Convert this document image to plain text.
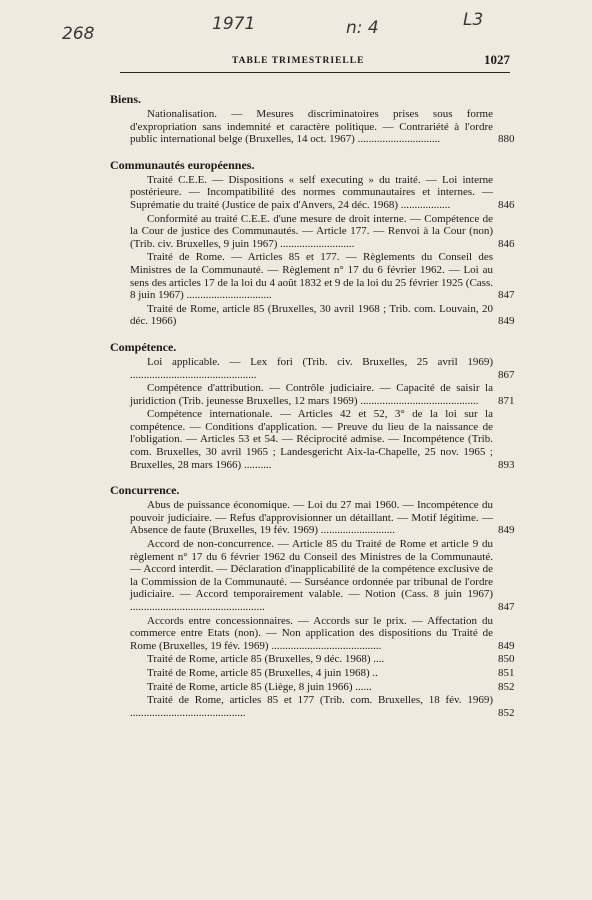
268	1971	n: 4	L3
TABLE TRIMESTRIELLE	1027
Biens.
Nationalisation. — Mesures discriminatoires prises sous forme d'expropriation sans indemnité et caractère politique. — Contrariété à l'ordre public international belge (Bruxelles, 14 oct. 1967) ..............................	880
Communautés européennes.
Traité C.E.E. — Dispositions « self executing » du traité. — Loi interne postérieure. — Incompatibilité des normes communautaires et internes. — Suprématie du traité (Justice de paix d'Anvers, 24 déc. 1968) ..................	846
Conformité au traité C.E.E. d'une mesure de droit interne. — Compétence de la Cour de justice des Communautés. — Article 177. — Renvoi à la Cour (non) (Trib. civ. Bruxelles, 9 juin 1967) ...........................	846
Traité de Rome. — Articles 85 et 177. — Règlements du Conseil des Ministres de la Communauté. — Règlement n° 17 du 6 février 1962. — Loi au sens des articles 17 de la loi du 4 août 1832 et 9 de la loi du 25 février 1925 (Cass. 8 juin 1967) ...............................	847
Traité de Rome, article 85 (Bruxelles, 30 avril 1968 ; Trib. com. Louvain, 20 déc. 1966)	849
Compétence.
Loi applicable. — Lex fori (Trib. civ. Bruxelles, 25 avril 1969) ..............................................	867
Compétence d'attribution. — Contrôle judiciaire. — Capacité de saisir la juridiction (Trib. jeunesse Bruxelles, 12 mars 1969) ........................................... 871
Compétence internationale. — Articles 42 et 52, 3° de la loi sur la compétence. — Conditions d'application. — Preuve du lieu de la naissance de l'obligation. — Articles 53 et 54. — Réciprocité admise. — Incompétence (Trib. com. Bruxelles, 30 avril 1965 ; Landesgericht Aix-la-Chapelle, 25 nov. 1965 ; Bruxelles, 28 mars 1966) ..........	893
Concurrence.
Abus de puissance économique. — Loi du 27 mai 1960. — Incompétence du pouvoir judiciaire. — Refus d'approvisionner un détaillant. — Motif légitime. — Absence de faute (Bruxelles, 19 fév. 1969) ...........................	849
Accord de non-concurrence. — Article 85 du Traité de Rome et article 9 du règlement n° 17 du 6 février 1962 du Conseil des Ministres de la Communauté. — Accord interdit. — Déclaration d'inapplicabilité de la compétence exclusive de la Commission de la Communauté. — Surséance ordonnée par tribunal de l'ordre judiciaire. — Accord temporairement valable. — Notion (Cass. 8 juin 1967) .................................................	847
Accords entre concessionnaires. — Accords sur le prix. — Affectation du commerce entre Etats (non). — Non application des dispositions du Traité de Rome (Bruxelles, 19 fév. 1969) ........................................	849
Traité de Rome, article 85 (Bruxelles, 9 déc. 1968) ....	850
Traité de Rome, article 85 (Bruxelles, 4 juin 1968) ..	851
Traité de Rome, article 85 (Liège, 8 juin 1966) ......	852
Traité de Rome, articles 85 et 177 (Trib. com. Bruxelles, 18 fév. 1969) ..........................................	852
